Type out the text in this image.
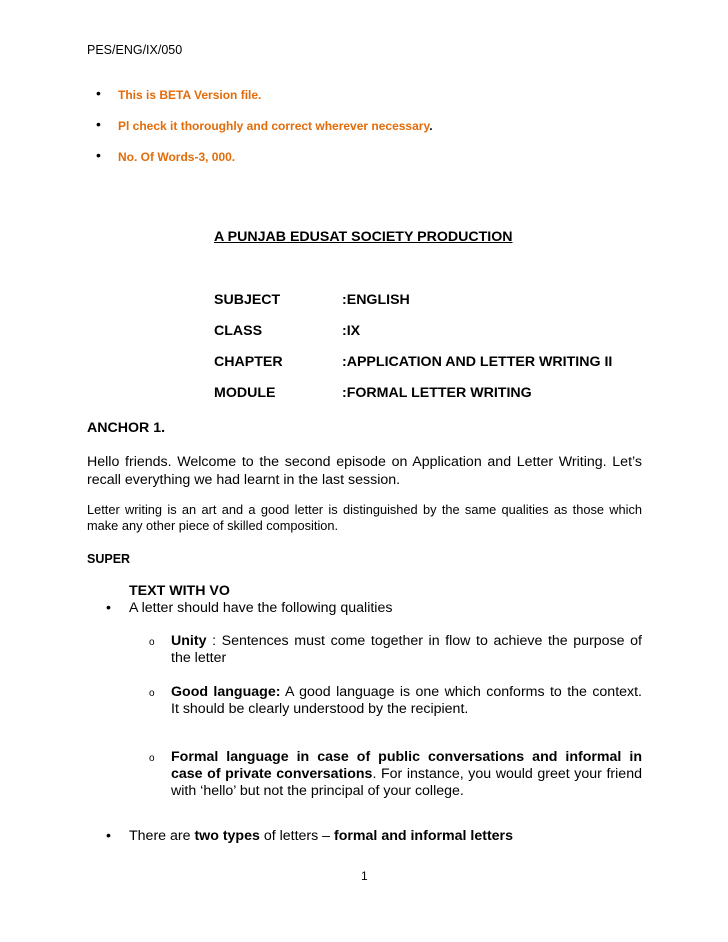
PES/ENG/IX/050
• This is BETA Version file.
• Pl check it thoroughly and correct wherever necessary.
• No. Of Words-3, 000.
A PUNJAB EDUSAT SOCIETY PRODUCTION
SUBJECT	:ENGLISH
CLASS	:IX
CHAPTER	:APPLICATION AND LETTER WRITING II
MODULE	:FORMAL LETTER WRITING
ANCHOR 1.
Hello friends. Welcome to the second episode on Application and Letter Writing. Let’s
recall everything we had learnt in the last session.
Letter writing is an art and a good letter is distinguished by the same qualities as those which
make any other piece of skilled composition.
SUPER
TEXT WITH VO
• A letter should have the following qualities
o Unity : Sentences must come together in flow to achieve the purpose of
the letter
o Good language: A good language is one which conforms to the context.
It should be clearly understood by the recipient.
o Formal language in case of public conversations and informal in
case of private conversations. For instance, you would greet your friend
with ‘hello’ but not the principal of your college.
• There are two types of letters – formal and informal letters
1
